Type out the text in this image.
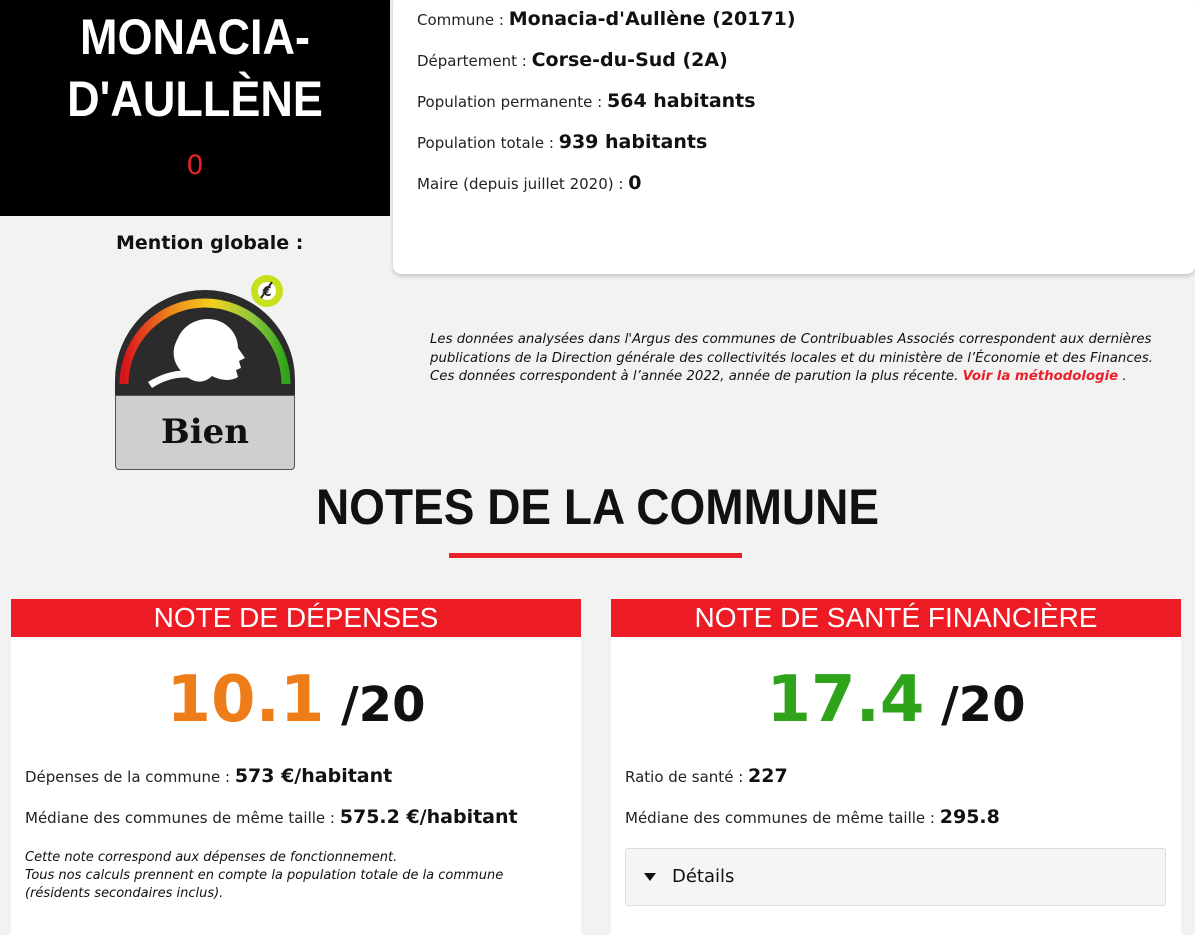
MONACIA-
D'AULLÈNE
0
Mention globale :
€
Bien
Commune : Monacia-d'Aullène (20171)
Département : Corse-du-Sud (2A)
Population permanente : 564 habitants
Population totale : 939 habitants
Maire (depuis juillet 2020) : 0
Les données analysées dans l'Argus des communes de Contribuables Associés correspondent aux dernières publications de la Direction générale des collectivités locales et du ministère de l’Économie et des Finances.
Ces données correspondent à l’année 2022, année de parution la plus récente. Voir la méthodologie .
NOTES DE LA COMMUNE
NOTE DE DÉPENSES
10.1 /20
Dépenses de la commune : 573 €/habitant
Médiane des communes de même taille : 575.2 €/habitant
Cette note correspond aux dépenses de fonctionnement.
Tous nos calculs prennent en compte la population totale de la commune (résidents secondaires inclus).
NOTE DE SANTÉ FINANCIÈRE
17.4 /20
Ratio de santé : 227
Médiane des communes de même taille : 295.8
Détails
